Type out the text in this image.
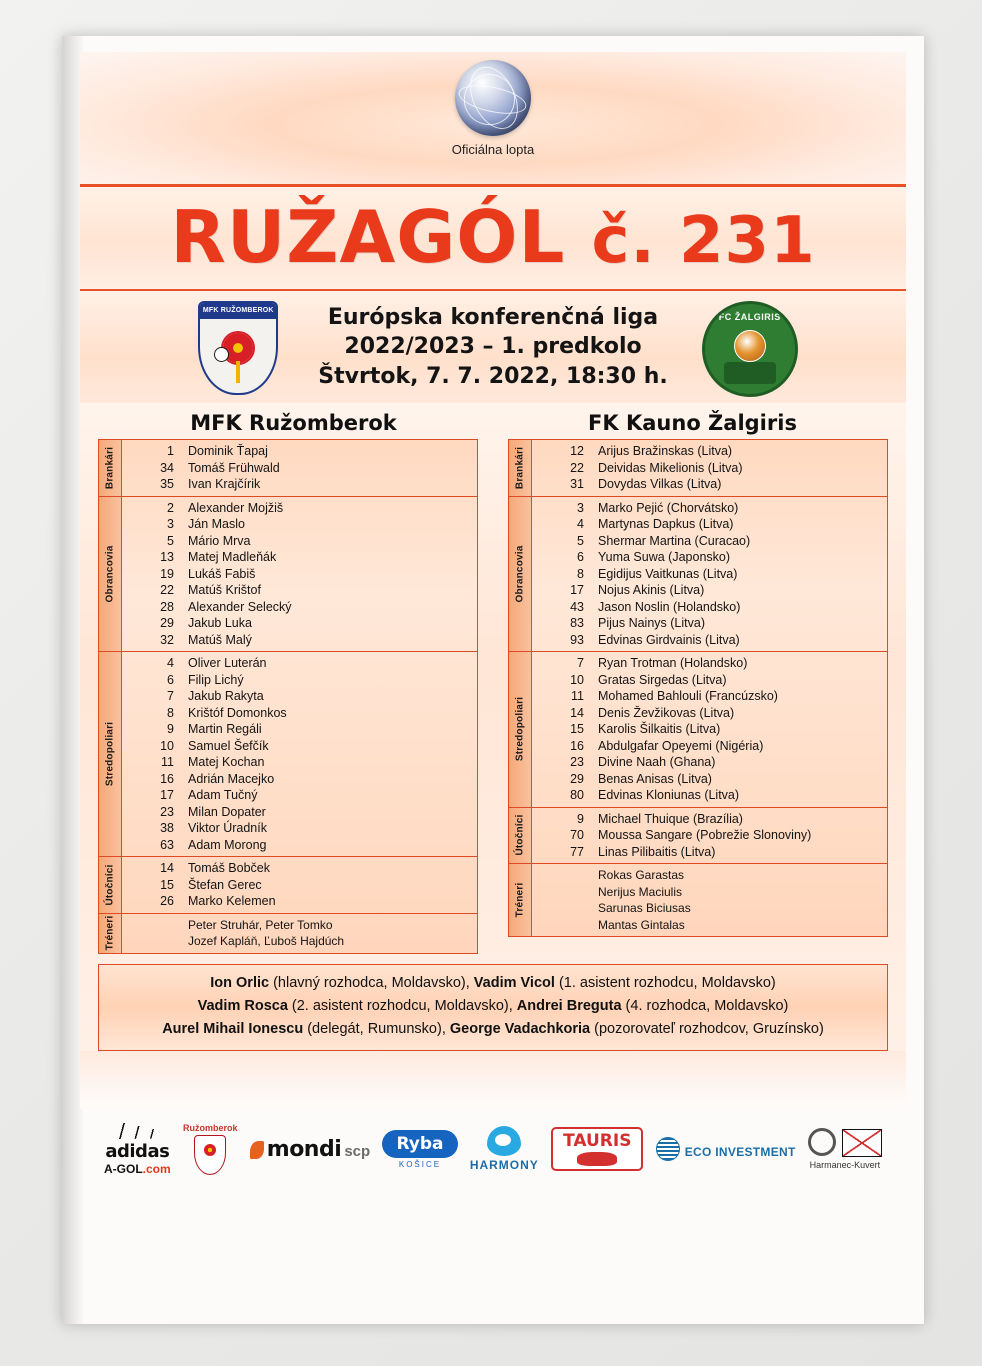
Oficiálna lopta
RUŽAGÓL č. 231
MFK RUŽOMBEROK	Európska konferenčná liga
2022/2023 – 1. predkolo
Štvrtok, 7. 7. 2022, 18:30 h.
FC ŽALGIRIS
MFK Ružomberok	FK Kauno Žalgiris
Brankári	1	Dominik Ťapaj
34	Tomáš Frühwald
35	Ivan Krajčírik
Obrancovia
2	Alexander Mojžiš
3	Ján Maslo
5	Mário Mrva
13	Matej Madleňák
19	Lukáš Fabiš
22	Matúš Krištof
28	Alexander Selecký
29	Jakub Luka
32	Matúš Malý
Stredopoliari
4	Oliver Luterán
6	Filip Lichý
7	Jakub Rakyta
8	Krištóf Domonkos
9	Martin Regáli
10	Samuel Šefčík
11	Matej Kochan
16	Adrián Macejko
17	Adam Tučný
23	Milan Dopater
38	Viktor Úradník
63	Adam Morong
Útočníci	14	Tomáš Bobček
15	Štefan Gerec
26	Marko Kelemen
Tréneri	Peter Struhár, Peter Tomko
Jozef Kapláň, Ľuboš Hajdúch
Brankári	12	Arijus Bražinskas (Litva)
22	Deividas Mikelionis (Litva)
31	Dovydas Vilkas (Litva)
Obrancovia
3	Marko Pejić (Chorvátsko)
4	Martynas Dapkus (Litva)
5	Shermar Martina (Curacao)
6	Yuma Suwa (Japonsko)
8	Egidijus Vaitkunas (Litva)
17	Nojus Akinis (Litva)
43	Jason Noslin (Holandsko)
83	Pijus Nainys (Litva)
93	Edvinas Girdvainis (Litva)
Stredopoliari
7	Ryan Trotman (Holandsko)
10	Gratas Sirgedas (Litva)
11	Mohamed Bahlouli (Francúzsko)
14	Denis Ževžikovas (Litva)
15	Karolis Šilkaitis (Litva)
16	Abdulgafar Opeyemi (Nigéria)
23	Divine Naah (Ghana)
29	Benas Anisas (Litva)
80	Edvinas Kloniunas (Litva)
Útočníci	9	Michael Thuique (Brazília)
70	Moussa Sangare (Pobrežie Slonoviny)
77	Linas Pilibaitis (Litva)
Tréneri
Rokas Garastas
Nerijus Maciulis
Sarunas Biciusas
Mantas Gintalas
Ion Orlic (hlavný rozhodca, Moldavsko), Vadim Vicol (1. asistent rozhodcu, Moldavsko)
Vadim Rosca (2. asistent rozhodcu, Moldavsko), Andrei Breguta (4. rozhodca, Moldavsko)
Aurel Mihail Ionescu (delegát, Rumunsko), George Vadachkoria (pozorovateľ rozhodcov, Gruzínsko)
adidas
A-GOL.com
Ružomberok
mondi scp	Ryba
KOŠICE	HARMONY
TAURIS
ECO INVESTMENT
Harmanec-Kuvert
